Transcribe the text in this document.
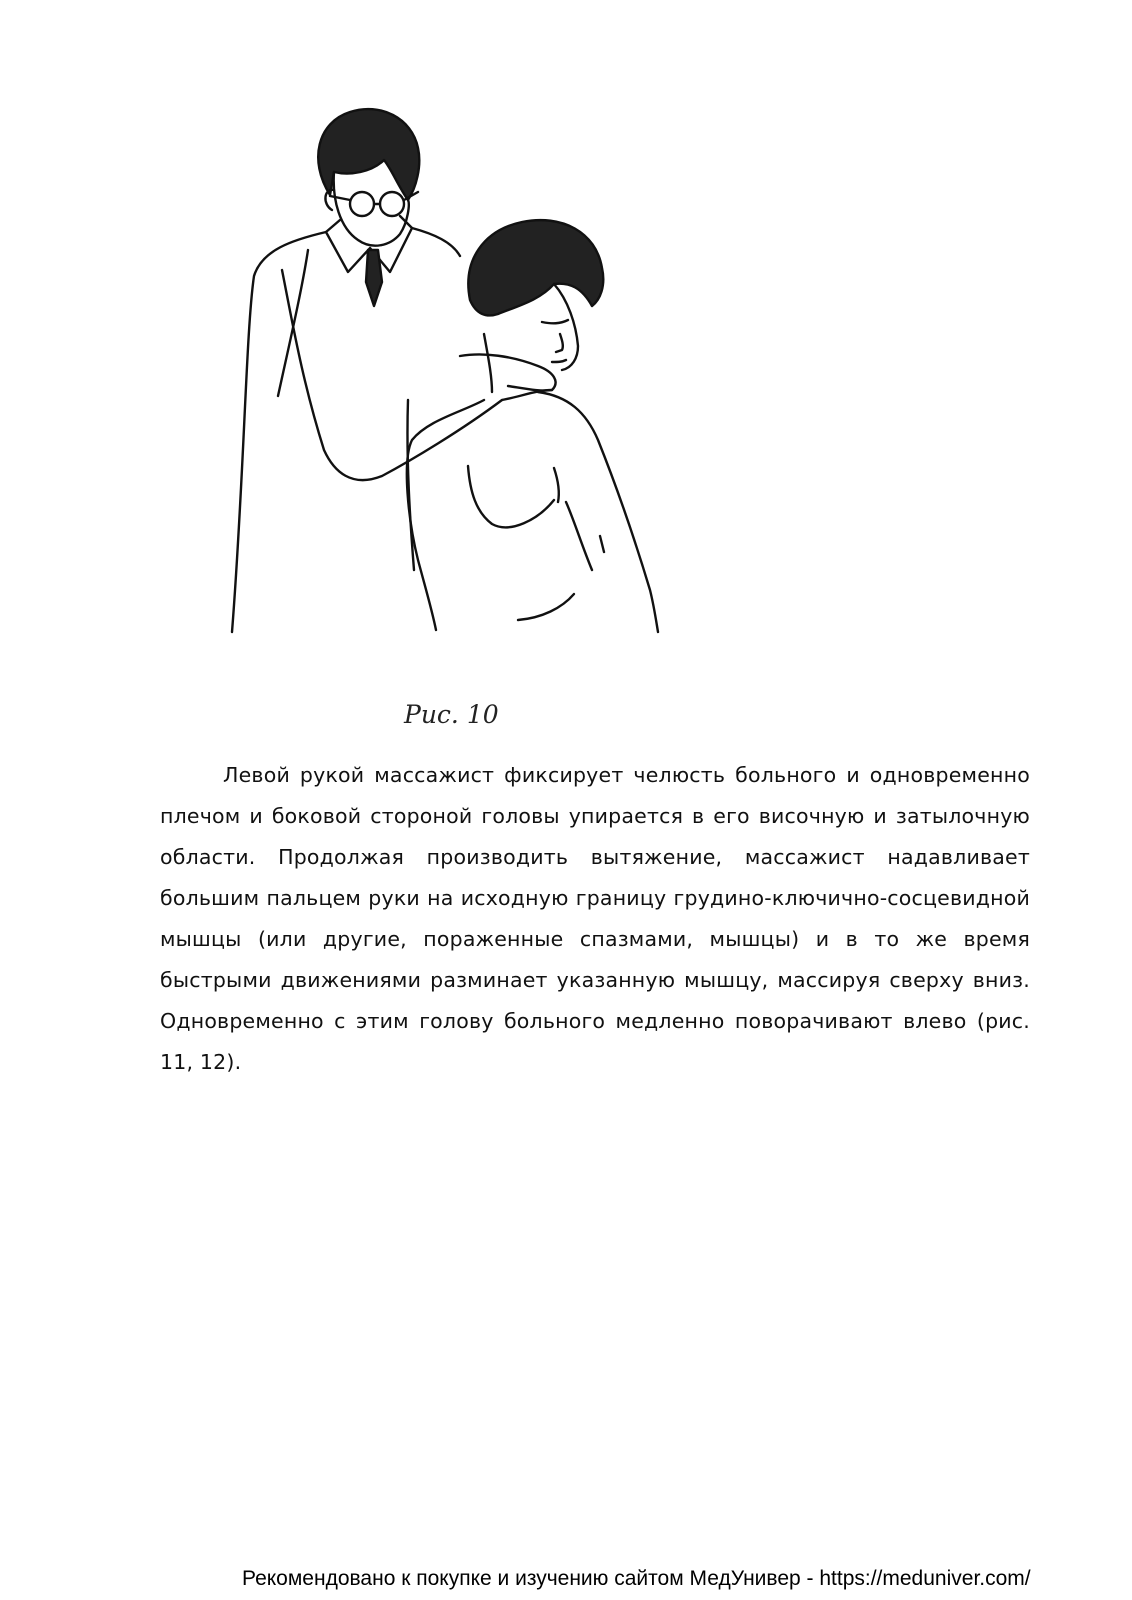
Рис. 10

Левой рукой массажист фиксирует челюсть больного и одновременно плечом и боковой стороной головы упирается в его височную и затылочную области. Продолжая производить вытяжение, массажист надавливает большим пальцем руки на исходную границу грудино-ключично-сосцевидной мышцы (или другие, пораженные спазмами, мышцы) и в то же время быстрыми движениями разминает указанную мышцу, массируя сверху вниз. Одновременно с этим голову больного медленно поворачивают влево (рис. 11, 12).

Рекомендовано к покупке и изучению сайтом МедУнивер - https://meduniver.com/
